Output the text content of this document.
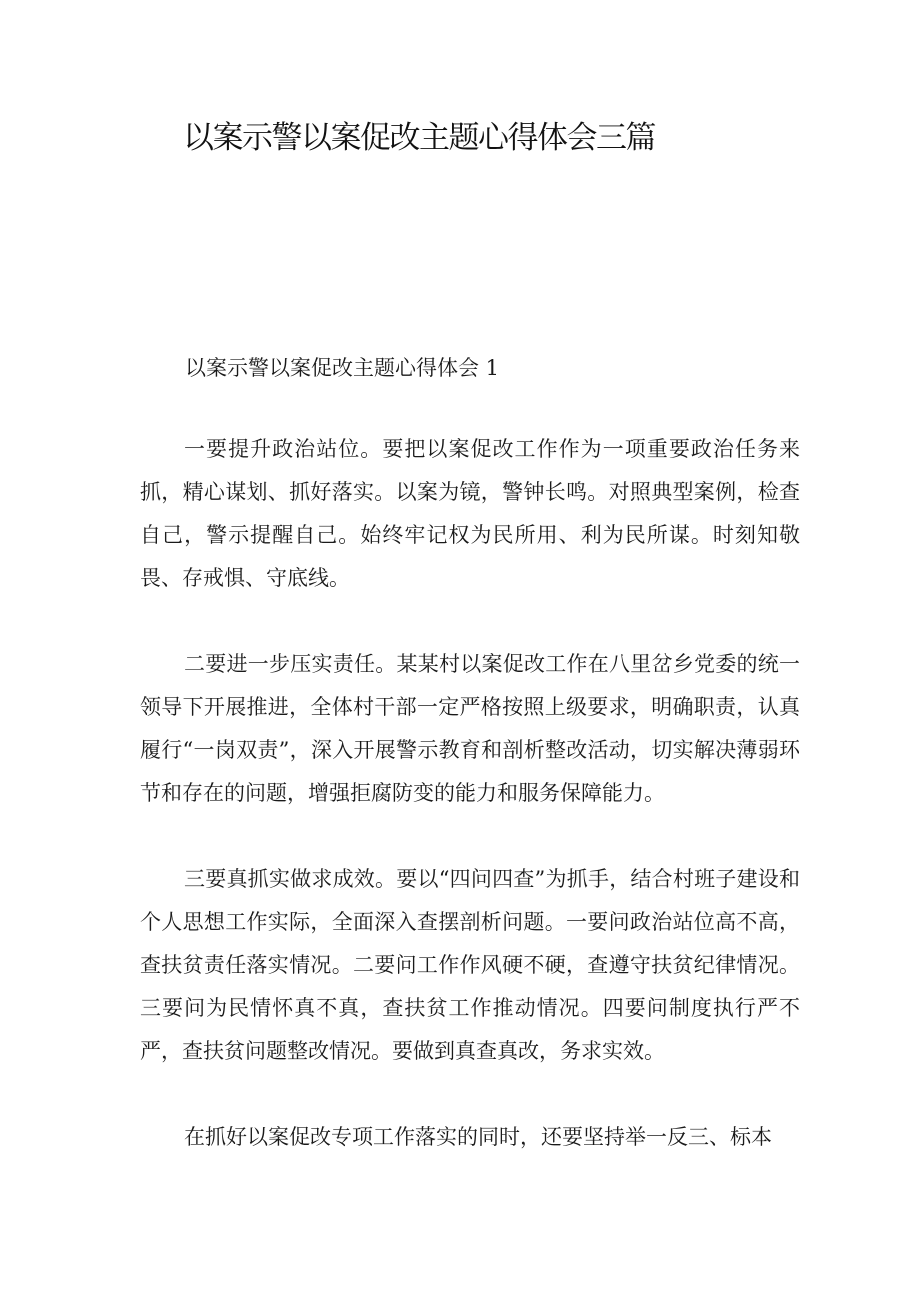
以案示警以案促改主题心得体会三篇
以案示警以案促改主题心得体会 1

一要提升政治站位。要把以案促改工作作为一项重要政治任务来抓，精心谋划、抓好落实。以案为镜，警钟长鸣。对照典型案例，检查自己，警示提醒自己。始终牢记权为民所用、利为民所谋。时刻知敬畏、存戒惧、守底线。

二要进一步压实责任。某某村以案促改工作在八里岔乡党委的统一领导下开展推进，全体村干部一定严格按照上级要求，明确职责，认真履行“一岗双责”，深入开展警示教育和剖析整改活动，切实解决薄弱环节和存在的问题，增强拒腐防变的能力和服务保障能力。

三要真抓实做求成效。要以“四问四查”为抓手，结合村班子建设和个人思想工作实际，全面深入查摆剖析问题。一要问政治站位高不高，查扶贫责任落实情况。二要问工作作风硬不硬，查遵守扶贫纪律情况。三要问为民情怀真不真，查扶贫工作推动情况。四要问制度执行严不严，查扶贫问题整改情况。要做到真查真改，务求实效。

在抓好以案促改专项工作落实的同时，还要坚持举一反三、标本
